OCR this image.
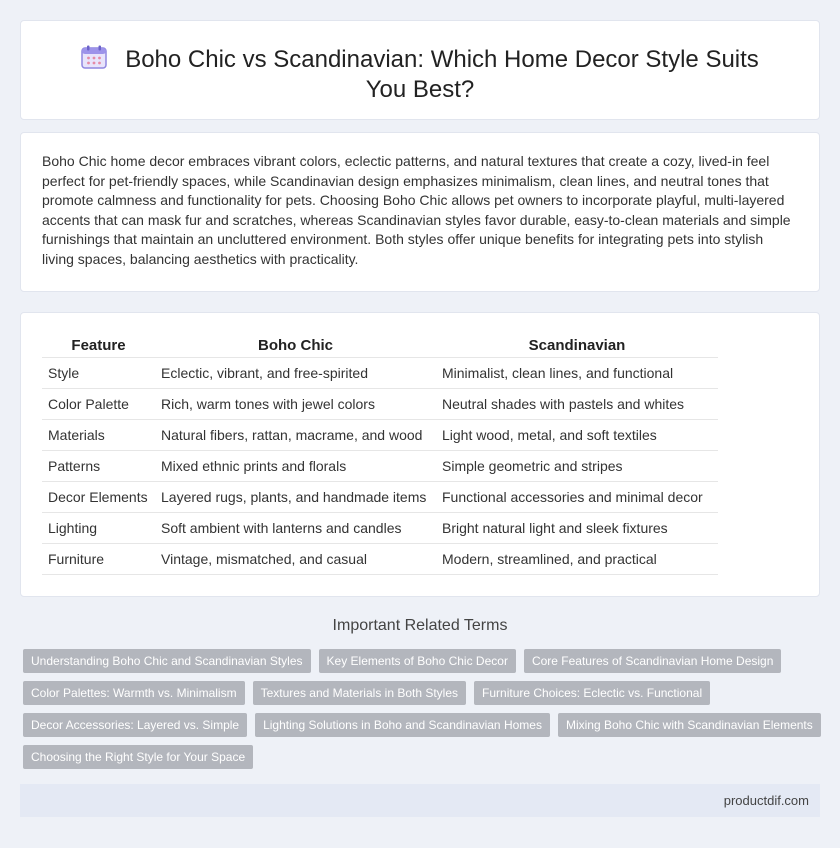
Boho Chic vs Scandinavian: Which Home Decor Style Suits You Best?

Boho Chic home decor embraces vibrant colors, eclectic patterns, and natural textures that create a cozy, lived-in feel perfect for pet-friendly spaces, while Scandinavian design emphasizes minimalism, clean lines, and neutral tones that promote calmness and functionality for pets. Choosing Boho Chic allows pet owners to incorporate playful, multi-layered accents that can mask fur and scratches, whereas Scandinavian styles favor durable, easy-to-clean materials and simple furnishings that maintain an uncluttered environment. Both styles offer unique benefits for integrating pets into stylish living spaces, balancing aesthetics with practicality.

Feature	Boho Chic	Scandinavian
Style	Eclectic, vibrant, and free-spirited	Minimalist, clean lines, and functional
Color Palette	Rich, warm tones with jewel colors	Neutral shades with pastels and whites
Materials	Natural fibers, rattan, macrame, and wood	Light wood, metal, and soft textiles
Patterns	Mixed ethnic prints and florals	Simple geometric and stripes
Decor Elements	Layered rugs, plants, and handmade items	Functional accessories and minimal decor
Lighting	Soft ambient with lanterns and candles	Bright natural light and sleek fixtures
Furniture	Vintage, mismatched, and casual	Modern, streamlined, and practical
Important Related Terms
Understanding Boho Chic and Scandinavian Styles	Key Elements of Boho Chic Decor	Core Features of Scandinavian Home Design
Color Palettes: Warmth vs. Minimalism	Textures and Materials in Both Styles	Furniture Choices: Eclectic vs. Functional
Decor Accessories: Layered vs. Simple	Lighting Solutions in Boho and Scandinavian Homes	Mixing Boho Chic with Scandinavian Elements
Choosing the Right Style for Your Space
productdif.com
